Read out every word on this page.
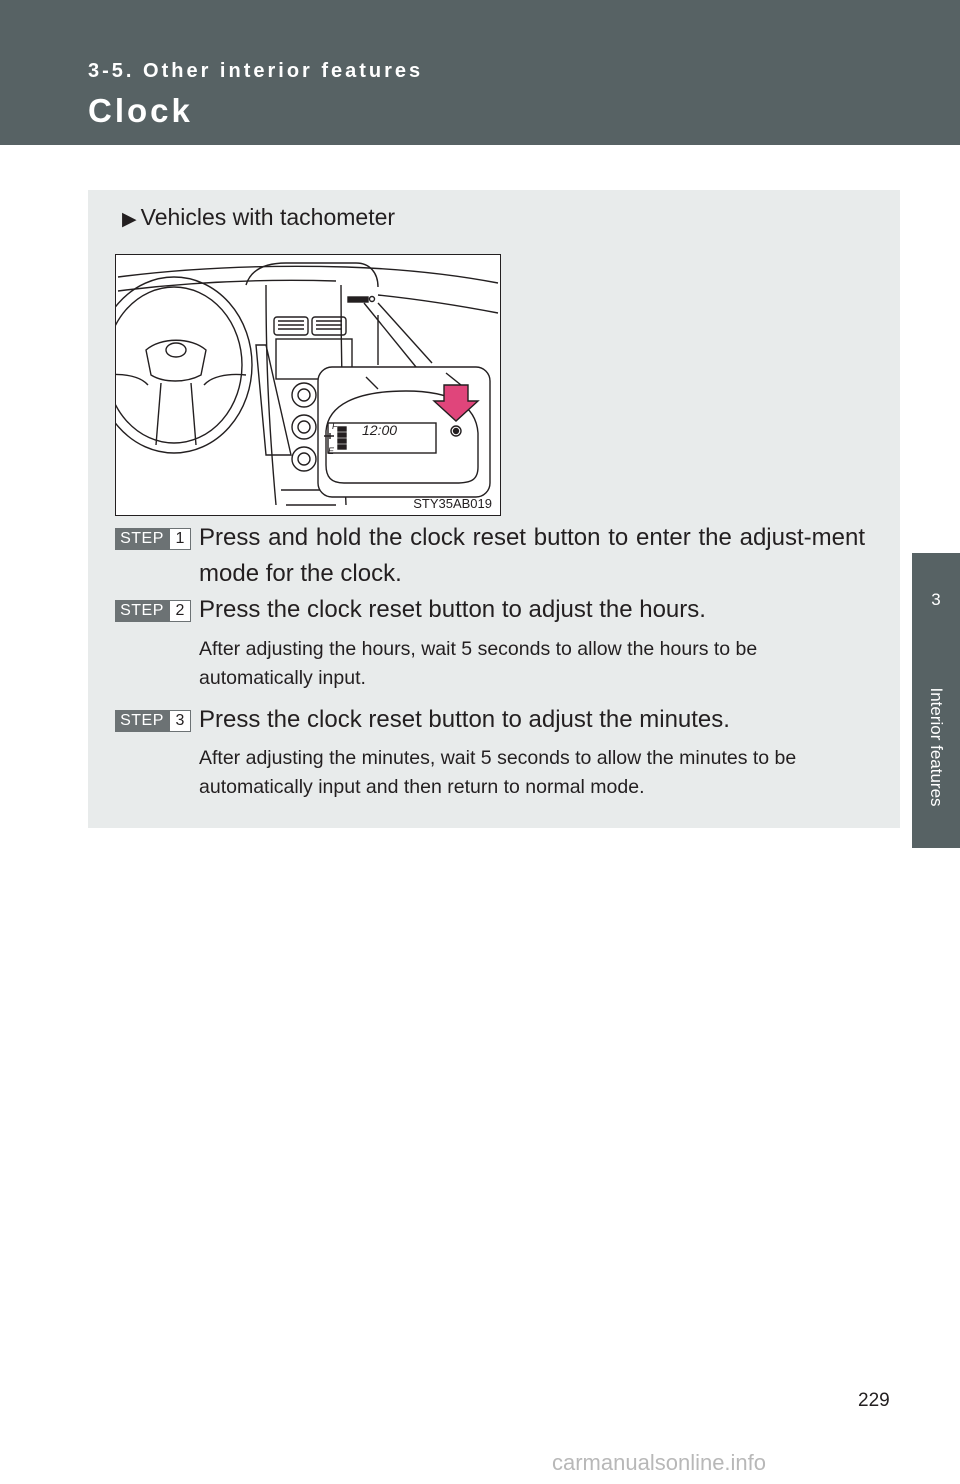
3-5. Other interior features
Clock
3
Interior features
▶ Vehicles with tachometer
F
E
12:00
STY35AB019
STEP 1 Press and hold the clock reset button to enter the adjust-ment mode for the clock.
STEP 2 Press the clock reset button to adjust the hours.
After adjusting the hours, wait 5 seconds to allow the hours to be automatically input.
STEP 3 Press the clock reset button to adjust the minutes.
After adjusting the minutes, wait 5 seconds to allow the minutes to be automatically input and then return to normal mode.
229
carmanualsonline.info
